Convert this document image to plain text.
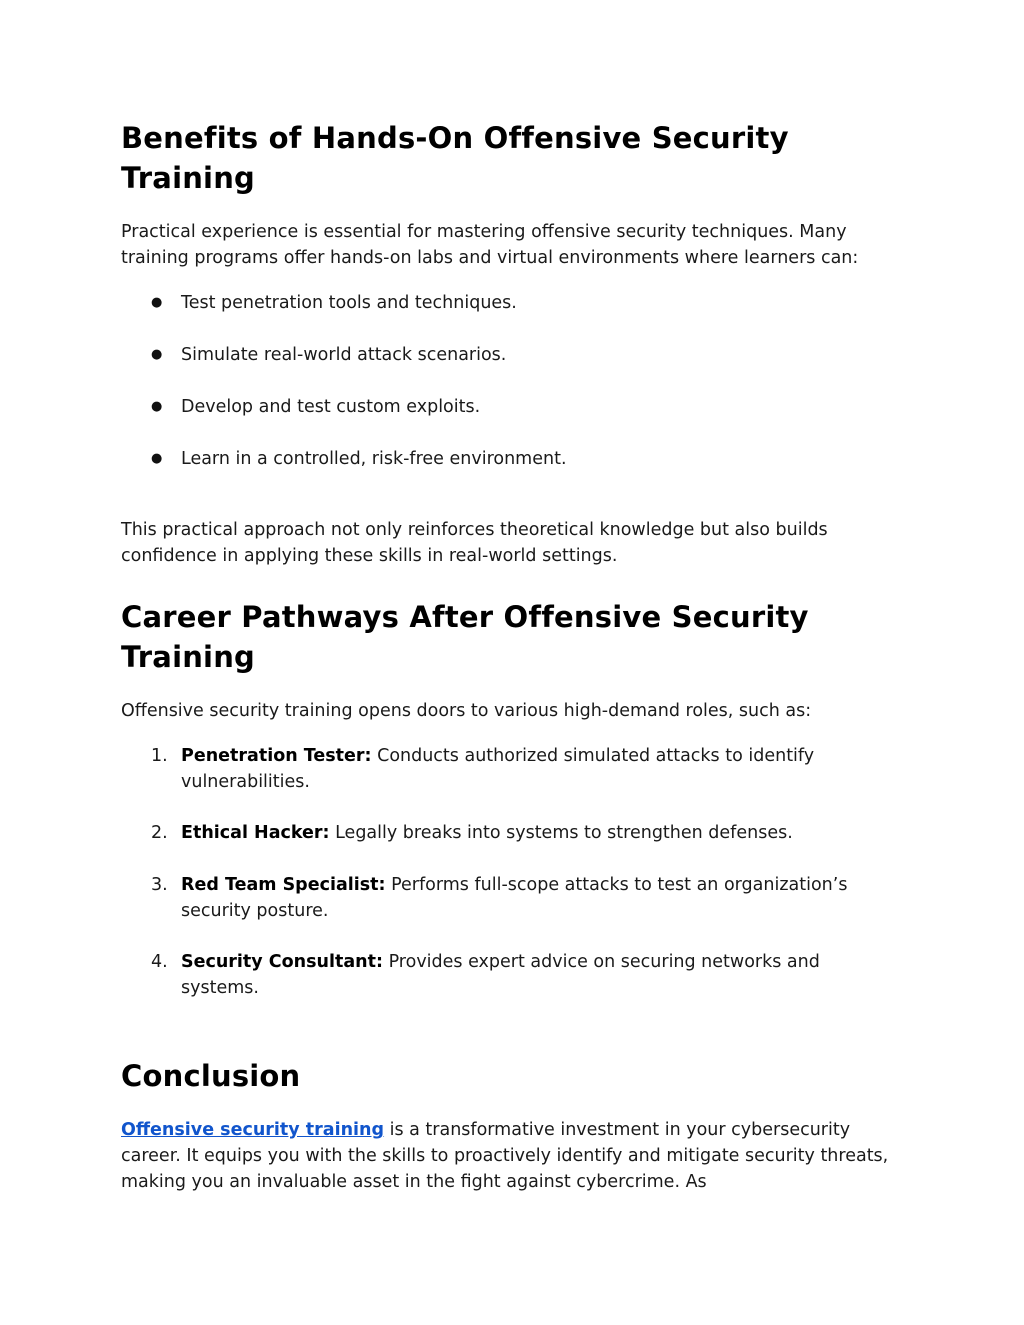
Benefits of Hands-On Offensive Security Training

Practical experience is essential for mastering offensive security techniques. Many training programs offer hands-on labs and virtual environments where learners can:

● Test penetration tools and techniques.
● Simulate real-world attack scenarios.
● Develop and test custom exploits.
● Learn in a controlled, risk-free environment.

This practical approach not only reinforces theoretical knowledge but also builds confidence in applying these skills in real-world settings.

Career Pathways After Offensive Security Training

Offensive security training opens doors to various high-demand roles, such as:

1. Penetration Tester: Conducts authorized simulated attacks to identify vulnerabilities.
2. Ethical Hacker: Legally breaks into systems to strengthen defenses.
3. Red Team Specialist: Performs full-scope attacks to test an organization’s security posture.
4. Security Consultant: Provides expert advice on securing networks and systems.
Conclusion

Offensive security training is a transformative investment in your cybersecurity career. It equips you with the skills to proactively identify and mitigate security threats, making you an invaluable asset in the fight against cybercrime. As
